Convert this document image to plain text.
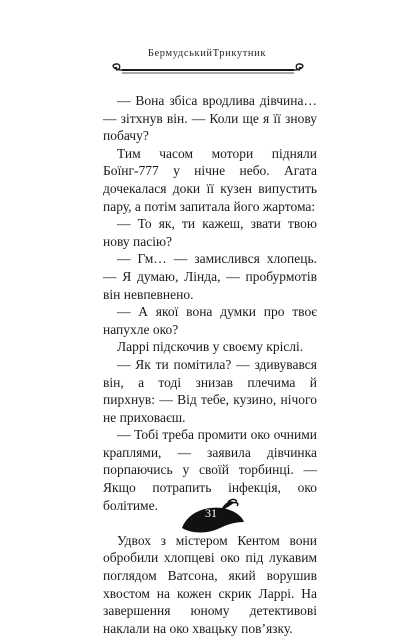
БермудськийТрикутник

— Вона збіса вродлива дівчина… — зітхнув він. — Коли ще я її знову побачу?

Тим часом мотори підняли Боїнг-777 у нічне небо. Агата дочекалася доки її кузен випустить пару, а потім запитала його жартома:

— То як, ти кажеш, звати твою нову пасію?

— Гм… — замислився хлопець. — Я думаю, Лінда, — пробурмотів він невпевнено.

— А якої вона думки про твоє напухле око?

Ларрі підскочив у своєму кріслі.

— Як ти помітила? — здивувався він, а тоді знизав плечима й пирхнув: — Від тебе, кузино, нічого не приховаєш.

— Тобі треба промити око очними краплями, — заявила дівчинка порпаючись у своїй торбинці. — Якщо потрапить інфекція, око болітиме.

Удвох з містером Кентом вони обробили хлопцеві око під лукавим поглядом Ватсона, який ворушив хвостом на кожен скрик Ларрі. На завершення юному детективові наклали на око хвацьку пов’язку.

31
